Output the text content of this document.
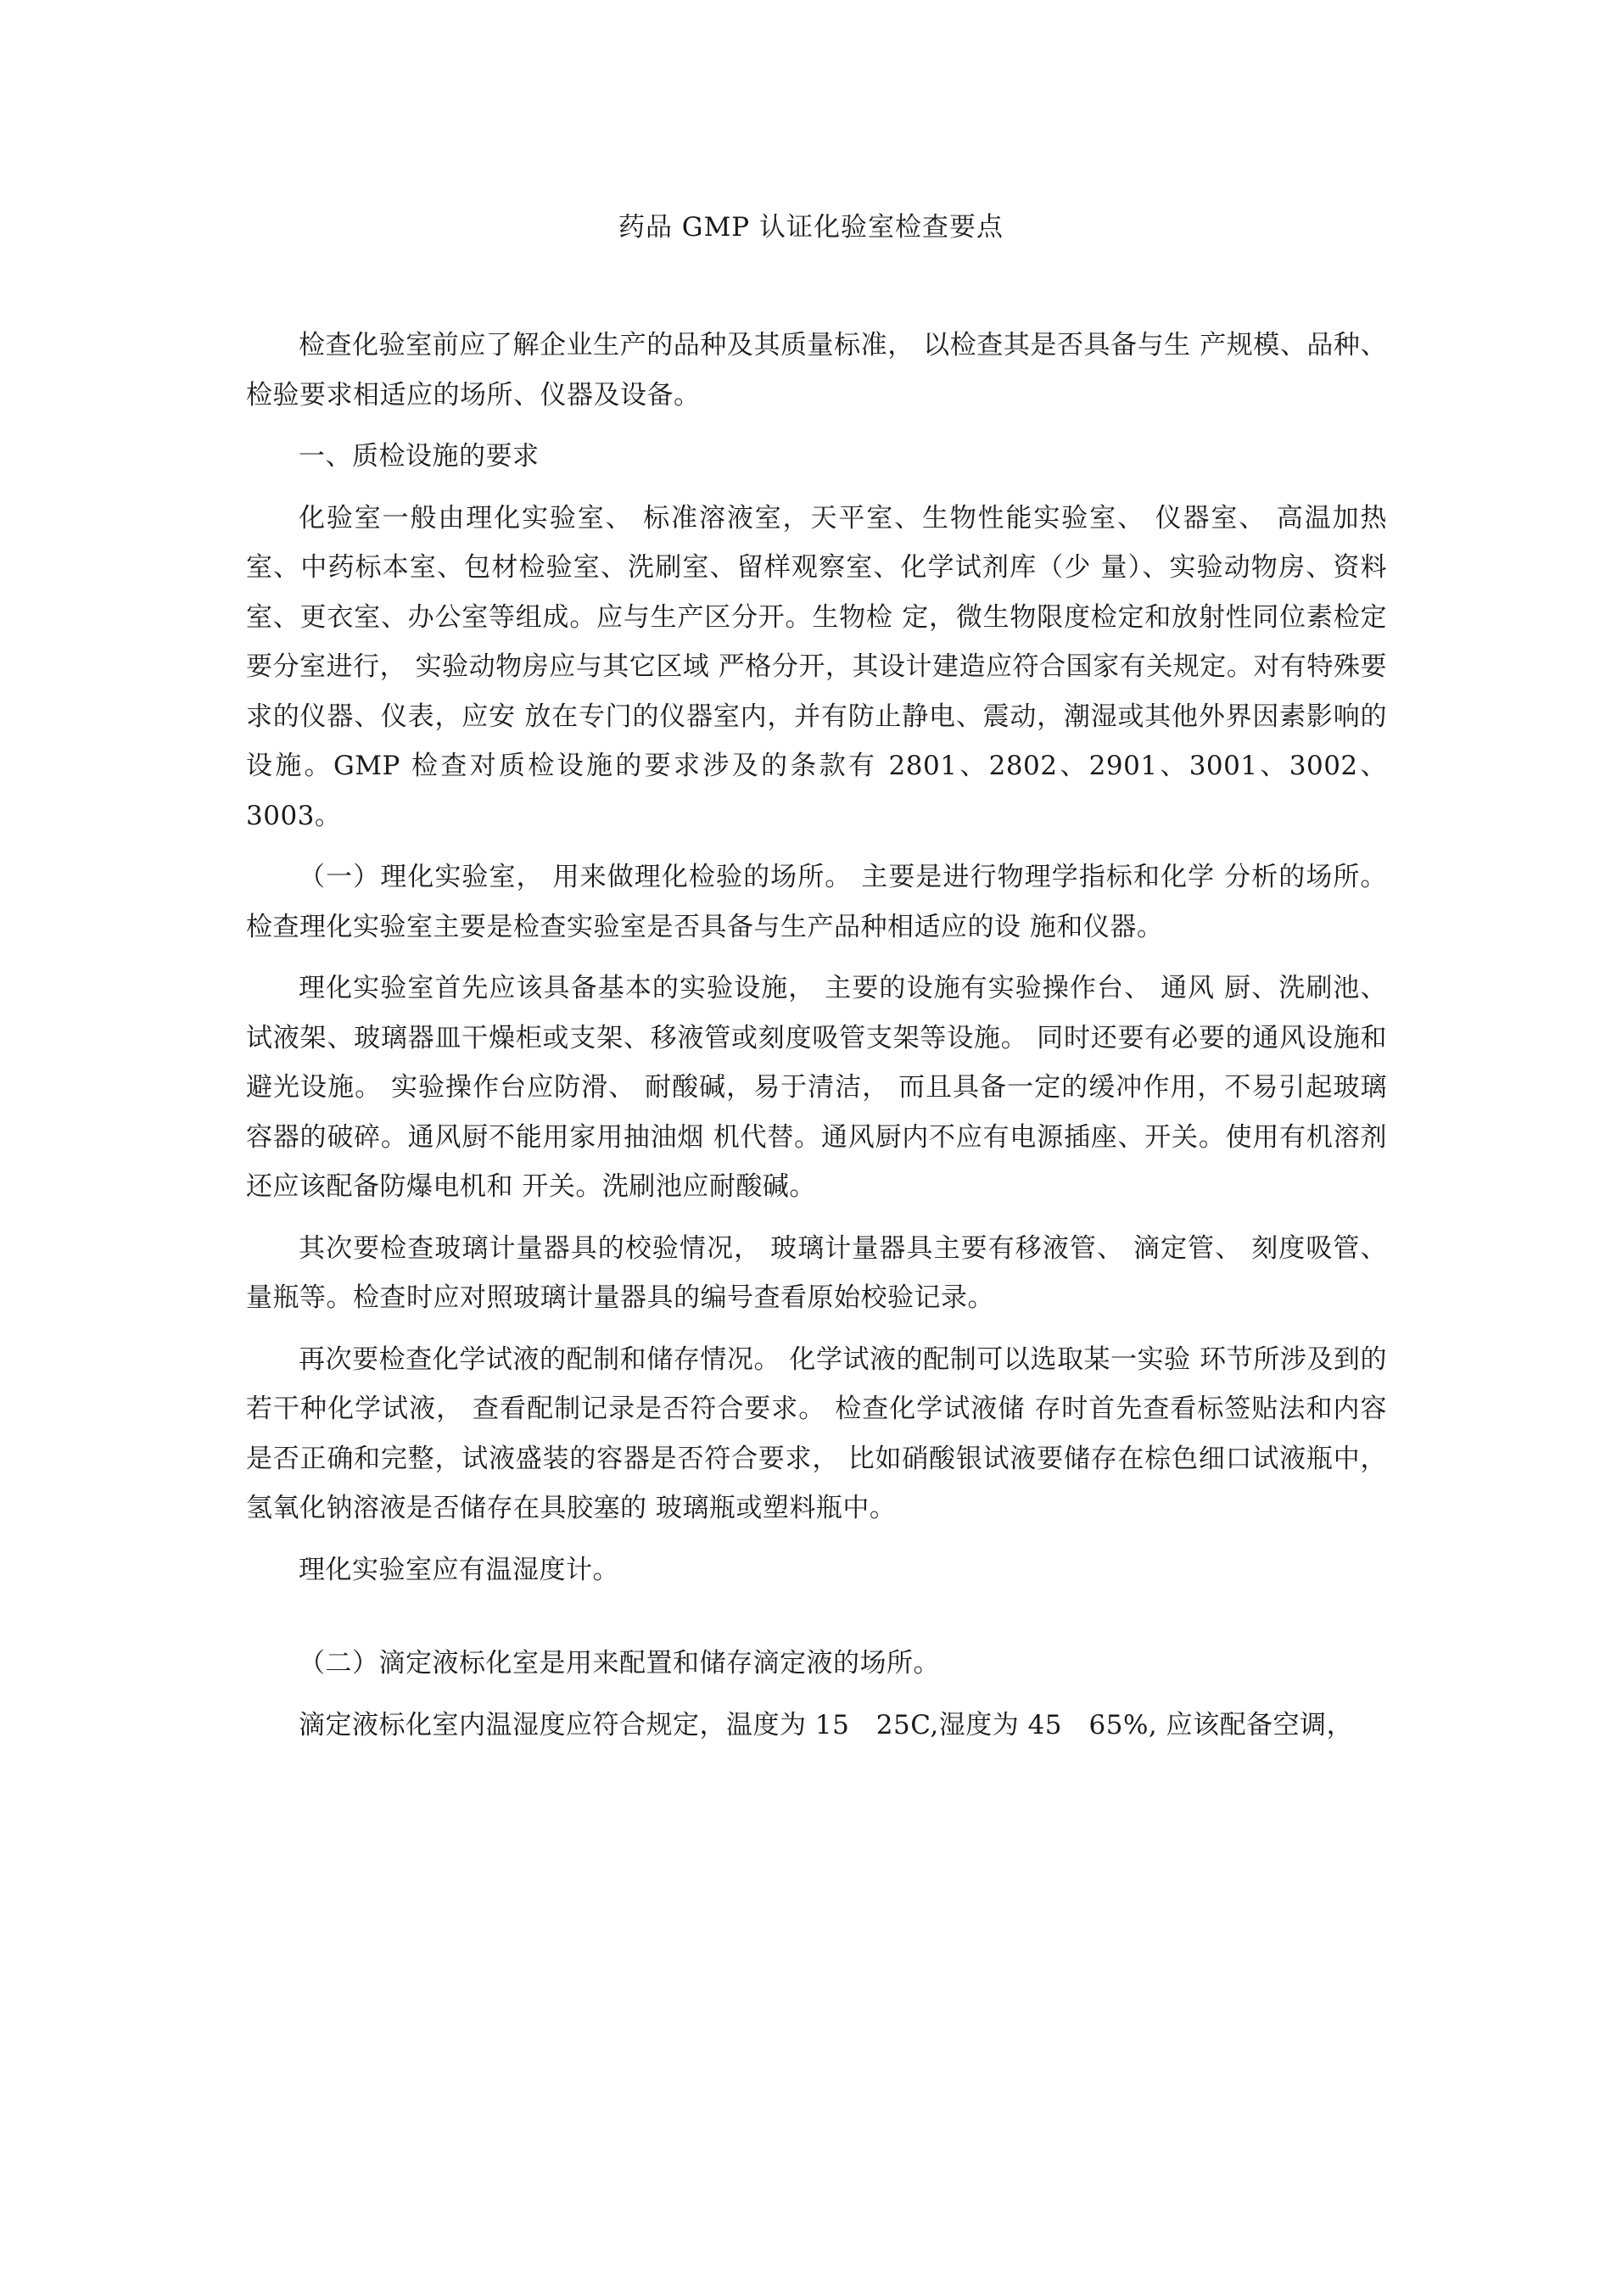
药品 GMP 认证化验室检查要点

检查化验室前应了解企业生产的品种及其质量标准， 以检查其是否具备与生 产规模、品种、检验要求相适应的场所、仪器及设备。

一、质检设施的要求

化验室一般由理化实验室、 标准溶液室，天平室、生物性能实验室、 仪器室、 高温加热室、中药标本室、包材检验室、洗刷室、留样观察室、化学试剂库（少 量）、实验动物房、资料室、更衣室、办公室等组成。应与生产区分开。生物检 定，微生物限度检定和放射性同位素检定要分室进行， 实验动物房应与其它区域 严格分开，其设计建造应符合国家有关规定。对有特殊要求的仪器、仪表，应安 放在专门的仪器室内，并有防止静电、震动，潮湿或其他外界因素影响的设施。GMP 检查对质检设施的要求涉及的条款有 2801、2802、2901、3001、3002、3003。

（一）理化实验室， 用来做理化检验的场所。 主要是进行物理学指标和化学 分析的场所。检查理化实验室主要是检查实验室是否具备与生产品种相适应的设 施和仪器。

理化实验室首先应该具备基本的实验设施， 主要的设施有实验操作台、 通风 厨、洗刷池、试液架、玻璃器皿干燥柜或支架、移液管或刻度吸管支架等设施。 同时还要有必要的通风设施和避光设施。 实验操作台应防滑、 耐酸碱，易于清洁， 而且具备一定的缓冲作用，不易引起玻璃容器的破碎。通风厨不能用家用抽油烟 机代替。通风厨内不应有电源插座、开关。使用有机溶剂还应该配备防爆电机和 开关。洗刷池应耐酸碱。

其次要检查玻璃计量器具的校验情况， 玻璃计量器具主要有移液管、 滴定管、 刻度吸管、量瓶等。检查时应对照玻璃计量器具的编号查看原始校验记录。

再次要检查化学试液的配制和储存情况。 化学试液的配制可以选取某一实验 环节所涉及到的若干种化学试液， 查看配制记录是否符合要求。 检查化学试液储 存时首先查看标签贴法和内容是否正确和完整，试液盛装的容器是否符合要求， 比如硝酸银试液要储存在棕色细口试液瓶中， 氢氧化钠溶液是否储存在具胶塞的 玻璃瓶或塑料瓶中。

理化实验室应有温湿度计。

（二）滴定液标化室是用来配置和储存滴定液的场所。

滴定液标化室内温湿度应符合规定，温度为 15　25C,湿度为 45　65%, 应该配备空调，
